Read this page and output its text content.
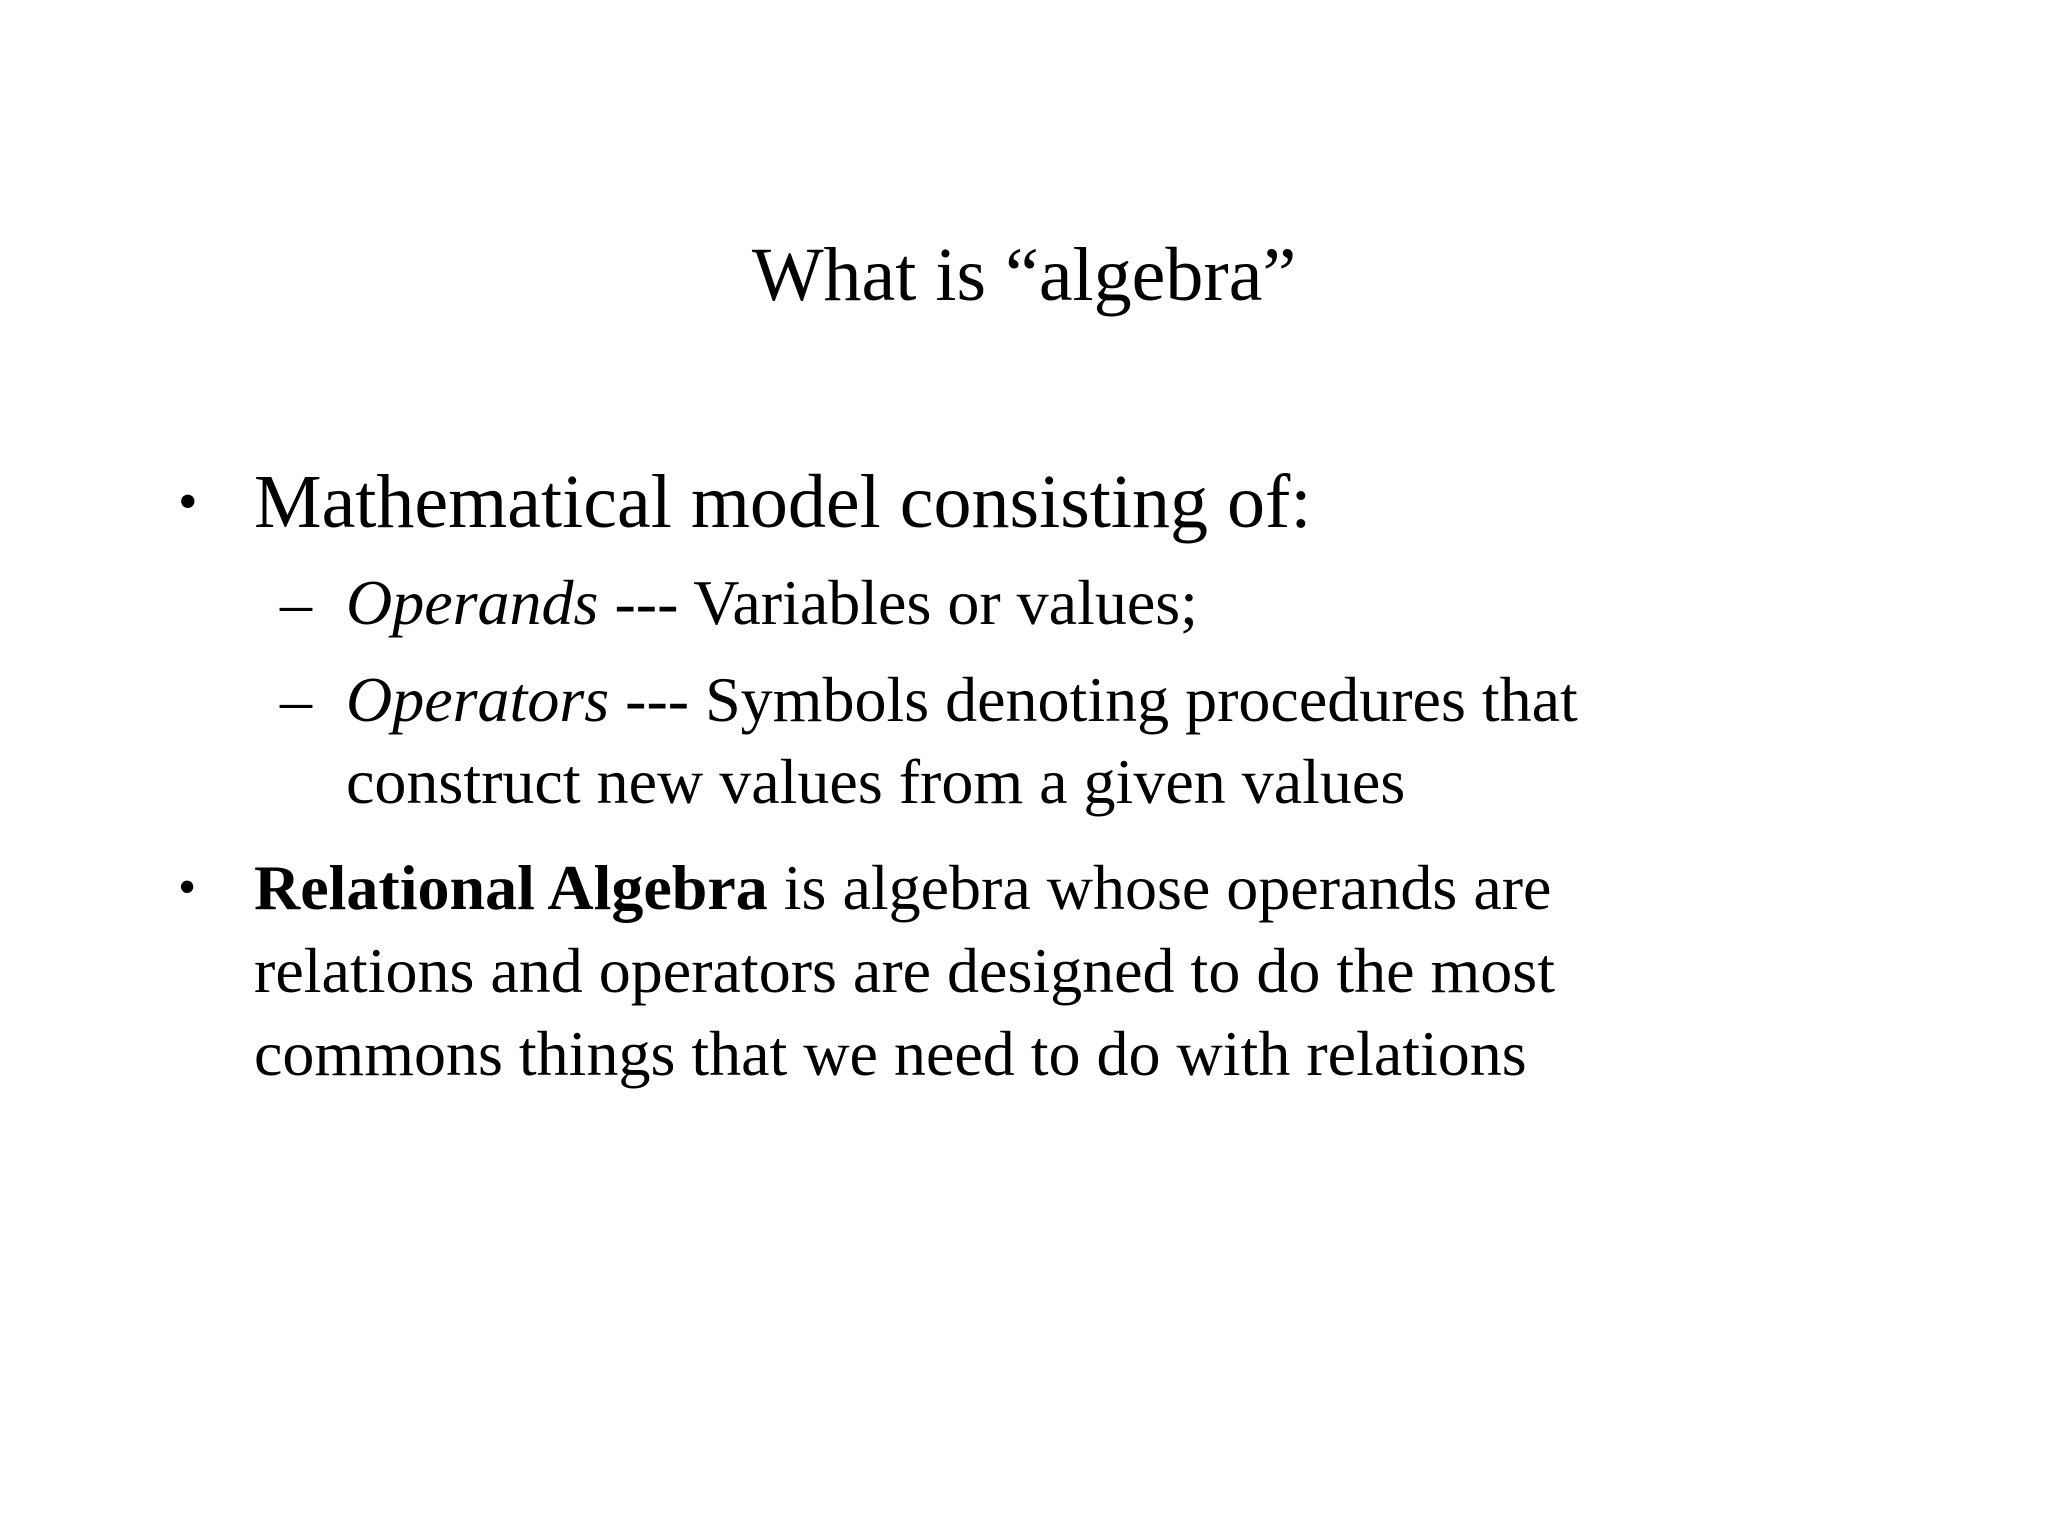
What is “algebra”
• Mathematical model consisting of:
– Operands --- Variables or values;
– Operators --- Symbols denoting procedures that
construct new values from a given values
• Relational Algebra is algebra whose operands are
relations and operators are designed to do the most
commons things that we need to do with relations
